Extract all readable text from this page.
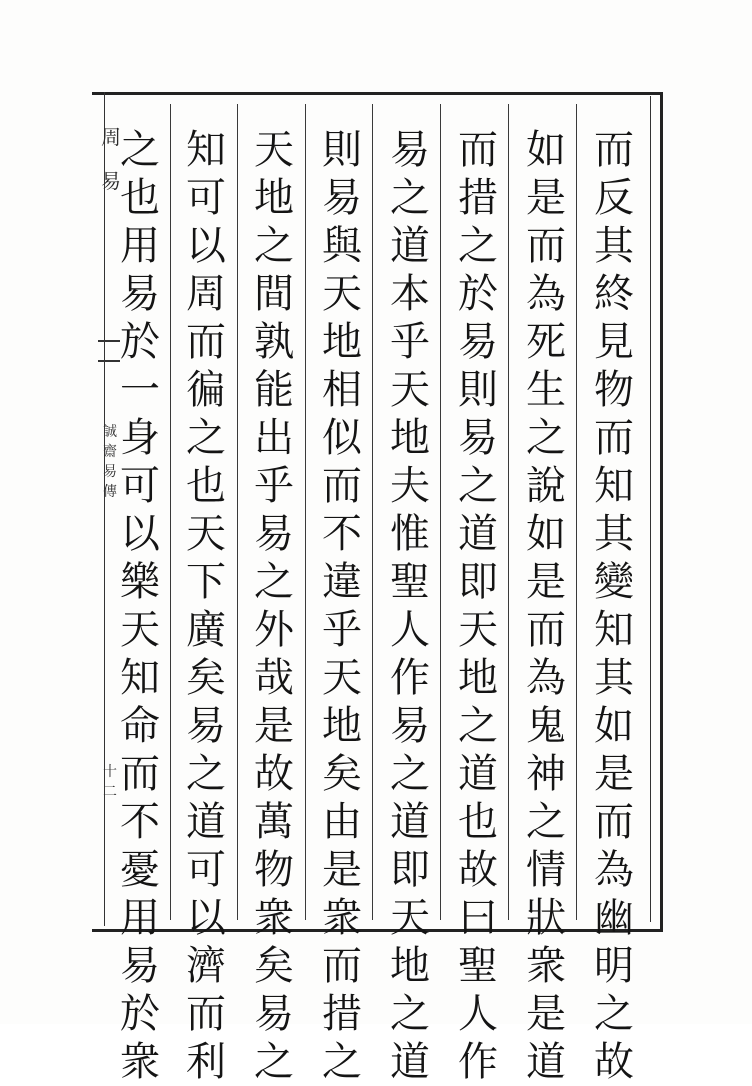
周易
誠齋易傳
十二
而反其終見物而知其變知其如是而為幽明之故
如是而為死生之說如是而為鬼神之情狀衆是道
而措之於易則易之道即天地之道也故曰聖人作
易之道本乎天地夫惟聖人作易之道即天地之道
則易與天地相似而不違乎天地矣由是衆而措之
天地之間孰能出乎易之外哉是故萬物衆矣易之
知可以周而徧之也天下廣矣易之道可以濟而利
之也用易於一身可以樂天知命而不憂用易於衆
